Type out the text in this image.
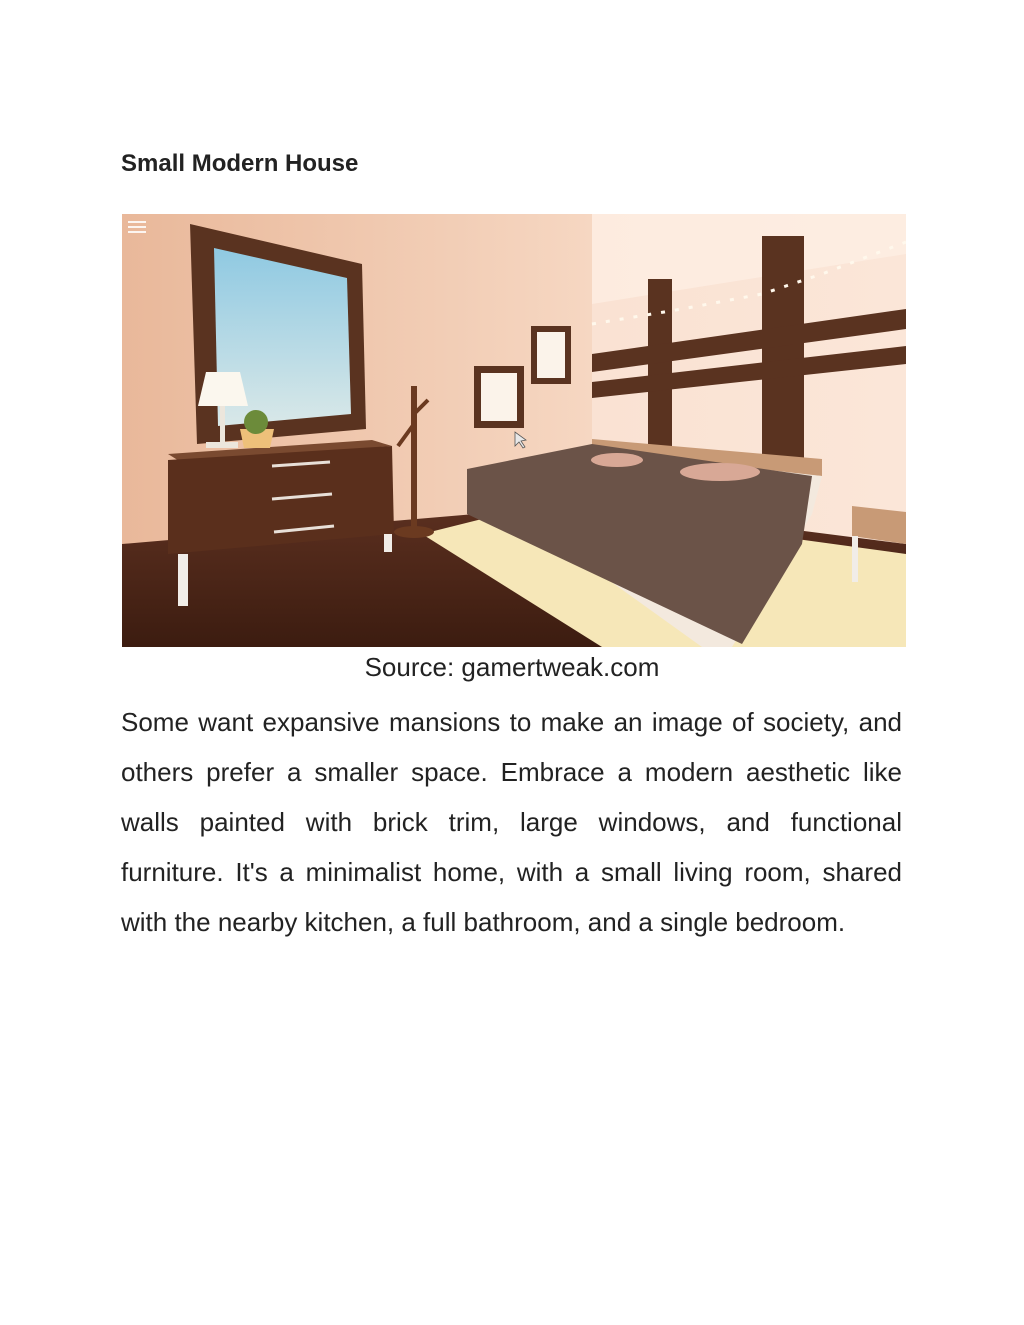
Small Modern House
Source: gamertweak.com

Some want expansive mansions to make an image of society, and others prefer a smaller space. Embrace a modern aesthetic like walls painted with brick trim, large windows, and functional furniture. It's a minimalist home, with a small living room, shared with the nearby kitchen, a full bathroom, and a single bedroom.
